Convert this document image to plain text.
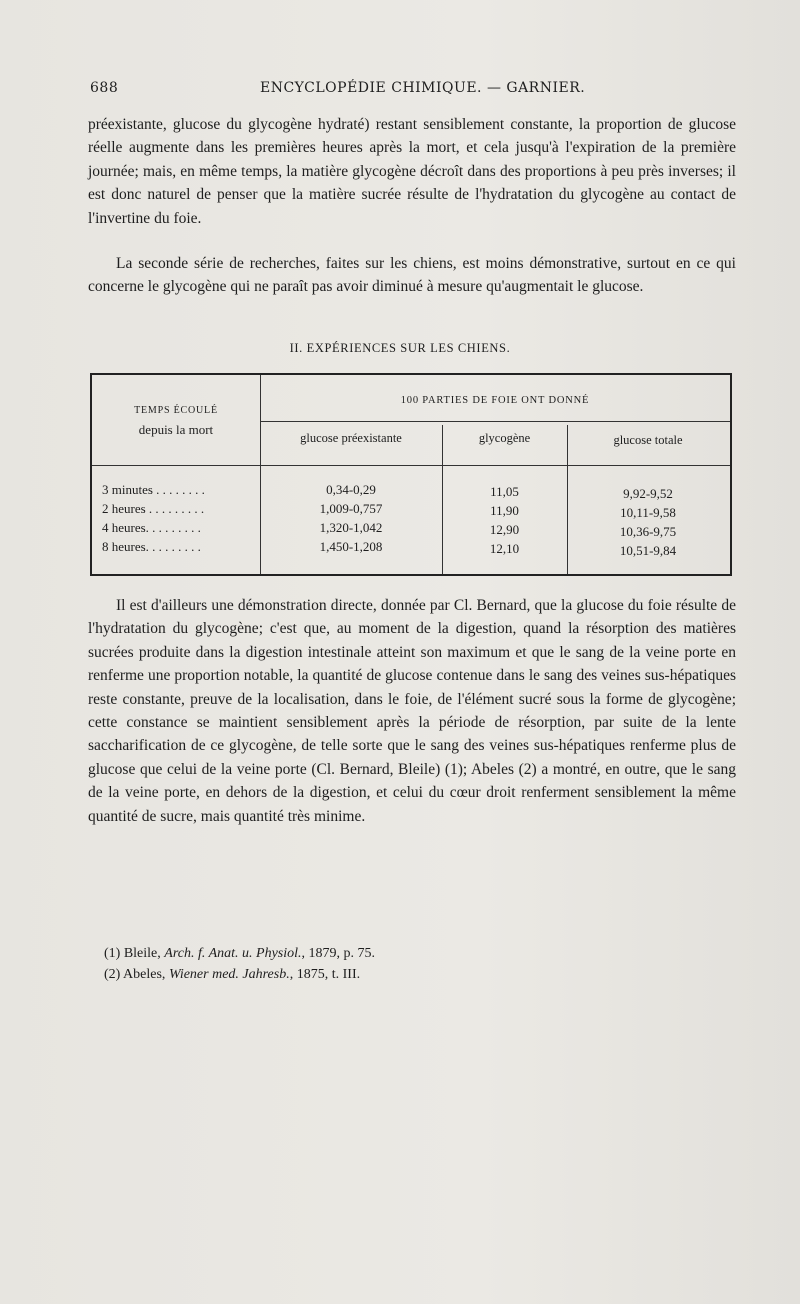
688	ENCYCLOPÉDIE CHIMIQUE. — GARNIER.

préexistante, glucose du glycogène hydraté) restant sensiblement constante, la proportion de glucose réelle augmente dans les premières heures après la mort, et cela jusqu'à l'expiration de la première journée; mais, en même temps, la matière glycogène décroît dans des proportions à peu près inverses; il est donc naturel de penser que la matière sucrée résulte de l'hydratation du glycogène au contact de l'invertine du foie.

La seconde série de recherches, faites sur les chiens, est moins démonstrative, surtout en ce qui concerne le glycogène qui ne paraît pas avoir diminué à mesure qu'augmentait le glucose.

II. EXPÉRIENCES SUR LES CHIENS.
TEMPS ÉCOULÉ
depuis la mort
100 PARTIES DE FOIE ONT DONNÉ
glucose préexistante	glycogène	glucose totale
3 minutes . . . . . . . .	0,34-0,29	11,05	9,92-9,52
2 heures . . . . . . . . .	1,009-0,757	11,90	10,11-9,58
4 heures. . . . . . . . .	1,320-1,042	12,90	10,36-9,75
8 heures. . . . . . . . .	1,450-1,208	12,10	10,51-9,84

Il est d'ailleurs une démonstration directe, donnée par Cl. Bernard, que la glucose du foie résulte de l'hydratation du glycogène; c'est que, au moment de la digestion, quand la résorption des matières sucrées produite dans la digestion intestinale atteint son maximum et que le sang de la veine porte en renferme une proportion notable, la quantité de glucose contenue dans le sang des veines sus-hépatiques reste constante, preuve de la localisation, dans le foie, de l'élément sucré sous la forme de glycogène; cette constance se maintient sensiblement après la période de résorption, par suite de la lente saccharification de ce glycogène, de telle sorte que le sang des veines sus-hépatiques renferme plus de glucose que celui de la veine porte (Cl. Bernard, Bleile) (1); Abeles (2) a montré, en outre, que le sang de la veine porte, en dehors de la digestion, et celui du cœur droit renferment sensiblement la même quantité de sucre, mais quantité très minime.

(1) Bleile, Arch. f. Anat. u. Physiol., 1879, p. 75.
(2) Abeles, Wiener med. Jahresb., 1875, t. III.
